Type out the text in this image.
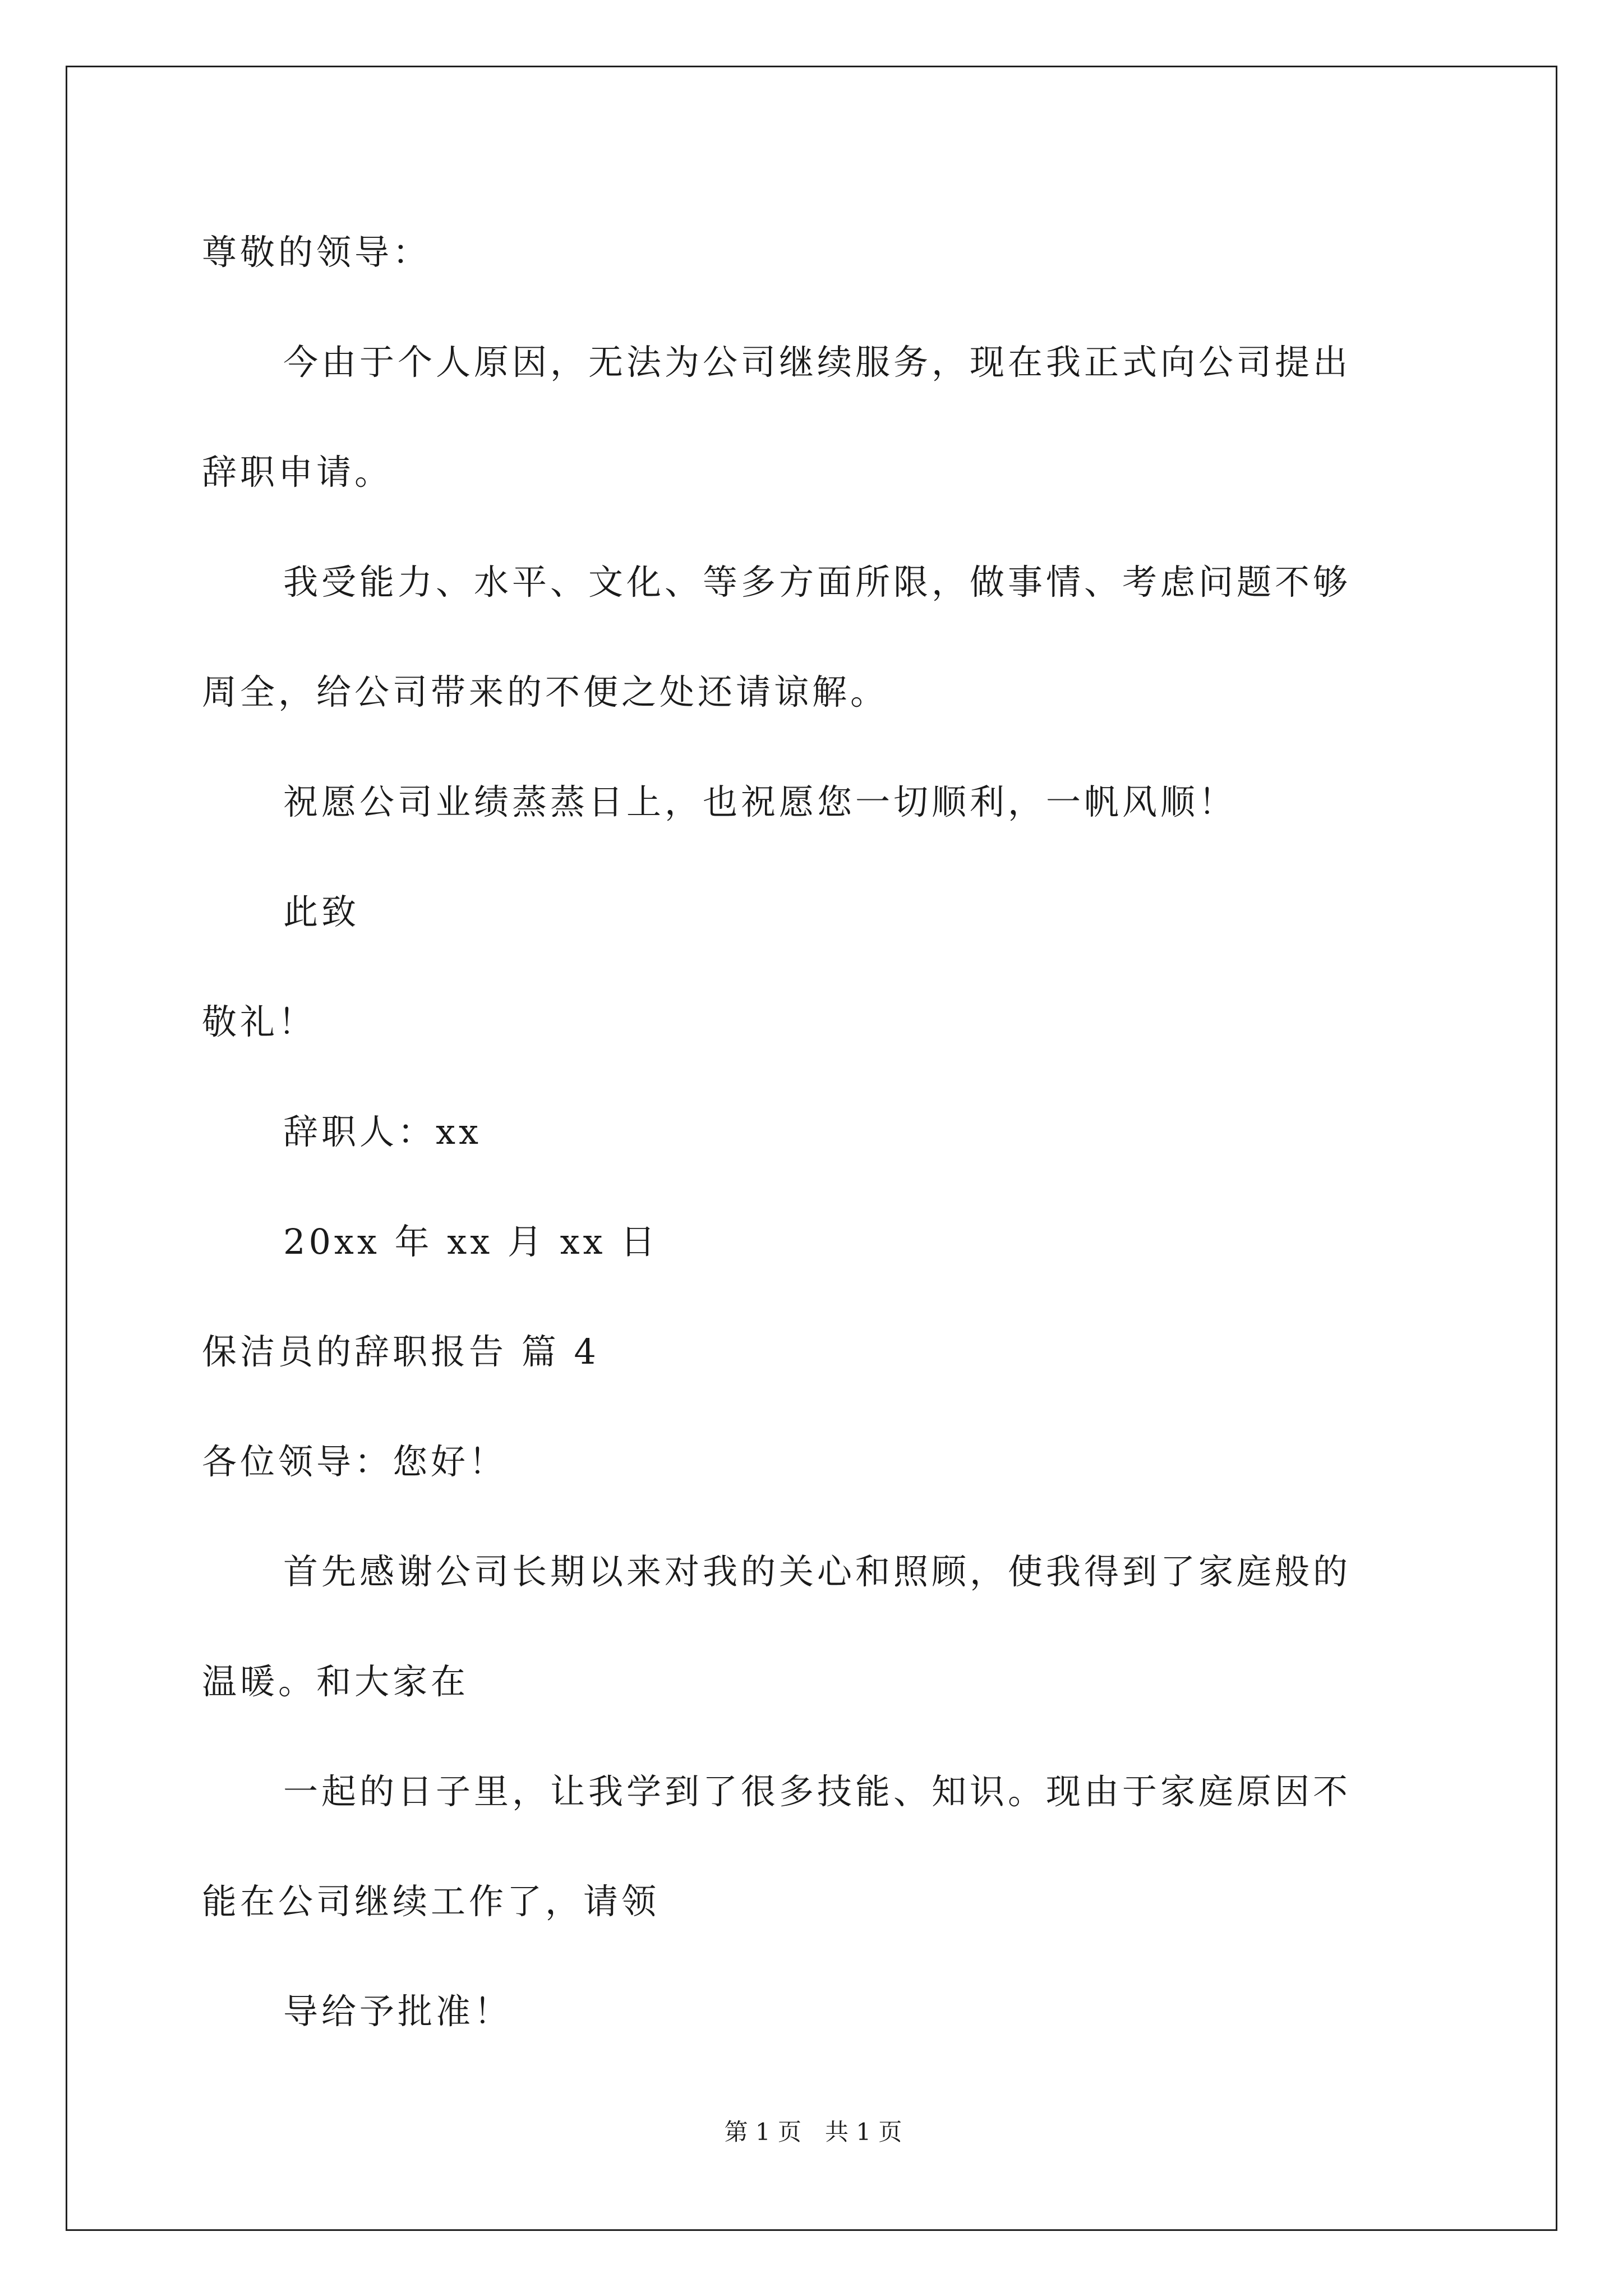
尊敬的领导：
今由于个人原因，无法为公司继续服务，现在我正式向公司提出
辞职申请。
我受能力、水平、文化、等多方面所限，做事情、考虑问题不够
周全，给公司带来的不便之处还请谅解。
祝愿公司业绩蒸蒸日上，也祝愿您一切顺利，一帆风顺！
此致
敬礼！
辞职人：xx
20xx 年 xx 月 xx 日
保洁员的辞职报告 篇 4
各位领导：您好！
首先感谢公司长期以来对我的关心和照顾，使我得到了家庭般的
温暖。和大家在
一起的日子里，让我学到了很多技能、知识。现由于家庭原因不
能在公司继续工作了，请领
导给予批准！
第 1 页　共 1 页
